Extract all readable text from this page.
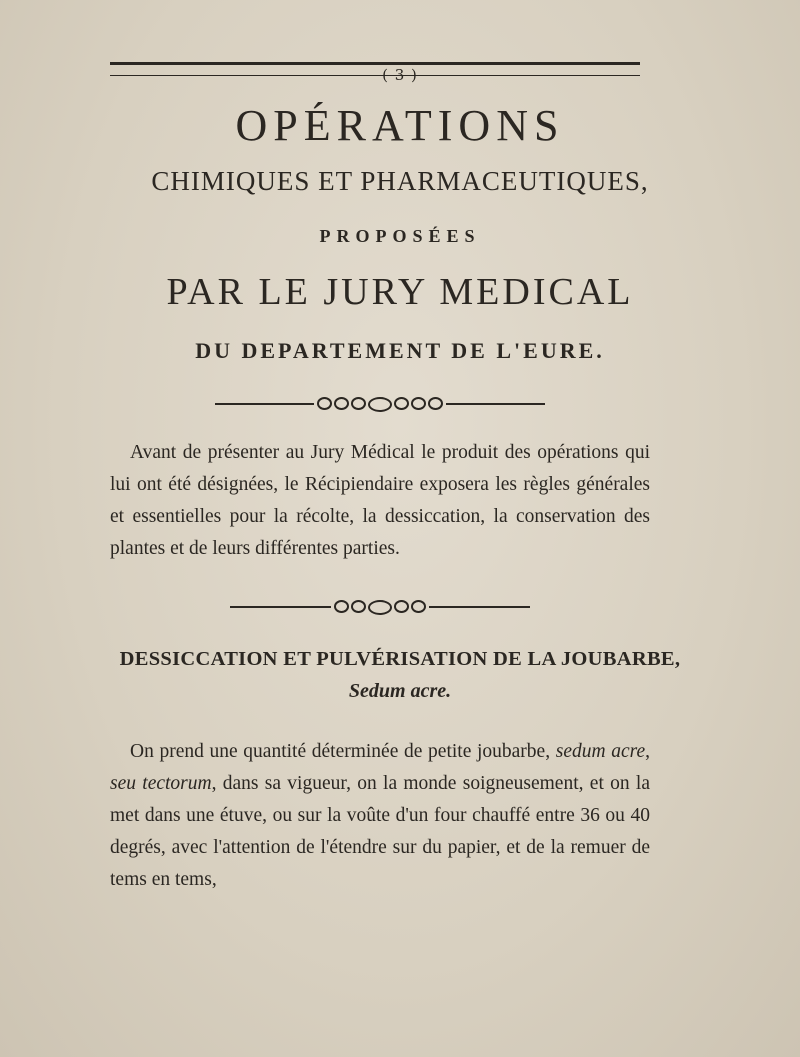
( 3 )
OPÉRATIONS
CHIMIQUES ET PHARMACEUTIQUES,
PROPOSÉES
PAR LE JURY MEDICAL
DU DEPARTEMENT DE L'EURE.
Avant de présenter au Jury Médical le produit des opérations qui lui ont été désignées, le Récipiendaire exposera les règles générales et essentielles pour la récolte, la dessiccation, la conservation des plantes et de leurs différentes parties.
DESSICCATION ET PULVÉRISATION DE LA JOUBARBE,
Sedum acre.
On prend une quantité déterminée de petite joubarbe, sedum acre, seu tectorum, dans sa vigueur, on la monde soigneusement, et on la met dans une étuve, ou sur la voûte d'un four chauffé entre 36 ou 40 degrés, avec l'attention de l'étendre sur du papier, et de la remuer de tems en tems,
